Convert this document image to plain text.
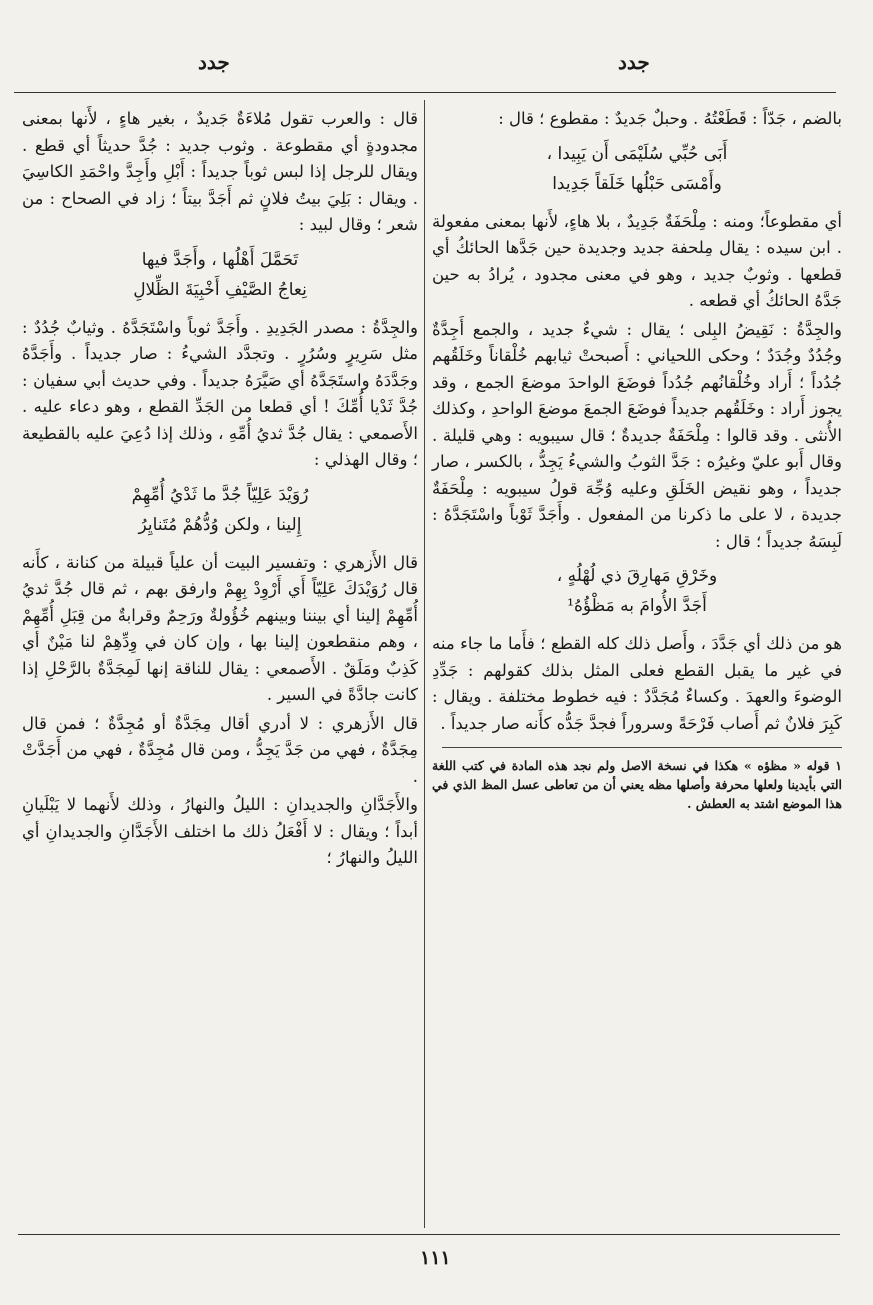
جدد
جدد

بالضم ، جَدّاً : قَطَعْتُهُ . وحبلٌ جَديدٌ : مقطوع ؛ قال :

أَبَى حُبِّي سُلَيْمَى أَن يَبِيدا ،
وأَمْسَى حَبْلُها خَلَقاً جَدِيدا

أي مقطوعاً؛ ومنه : مِلْحَفَةٌ جَدِيدٌ ، بلا هاءٍ، لأَنها بمعنى مفعولة . ابن سيده : يقال مِلحفة جديد وجديدة حين جَدَّها الحائكُ أي قطعها . وثوبٌ جديد ، وهو في معنى مجدود ، يُرادُ به حين جَدَّهُ الحائكُ أي قطعه .

والجِدَّةُ : نَقِيضُ البِلى ؛ يقال : شيءٌ جديد ، والجمع أَجِدَّةٌ وجُدُدٌ وجُدَدٌ ؛ وحكى اللحياني : أَصبحتْ ثيابهم خُلْقاناً وخَلَقُهم جُدُداً ؛ أَراد وخُلْقانُهم جُدُداً فوضَعَ الواحدَ موضعَ الجمع ، وقد يجوز أَراد : وخَلَقُهم جديداً فوضَعَ الجمعَ موضعَ الواحدِ ، وكذلك الأُنثى . وقد قالوا : مِلْحَفَةٌ جديدةٌ ؛ قال سيبويه : وهي قليلة . وقال أَبو عليّ وغيرُه : جَدَّ الثوبُ والشيءُ يَجِدُّ ، بالكسر ، صار جديداً ، وهو نقيض الخَلَقِ وعليه وُجِّهَ قولُ سيبويه : مِلْحَفَةٌ جديدة ، لا على ما ذكرنا من المفعول . وأَجَدَّ ثَوْباً واسْتَجَدَّهُ : لَبِسَهُ جديداً ؛ قال :

وخَرْقِ مَهارِقَ ذي لُهْلُهٍ ،
أَجَدَّ الأُوامَ به مَظْؤُهُ¹

هو من ذلك أي جَدَّدَ ، وأَصل ذلك كله القطع ؛ فأَما ما جاء منه في غير ما يقبل القطع فعلى المثل بذلك كقولهم : جَدِّدِ الوضوءَ والعهدَ . وكساءٌ مُجَدَّدٌ : فيه خطوط مختلفة . ويقال : كَبِرَ فلانٌ ثم أَصاب فَرْحَةً وسروراً فجدَّ جَدُّه كأَنه صار جديداً .

١ قوله « مظؤه » هكذا في نسخة الاصل ولم نجد هذه المادة في كتب اللغة التي بأيدينا ولعلها محرفة وأصلها مظه يعني أن من تعاطى عسل المظ الذي في هذا الموضع اشتد به العطش .

قال : والعرب تقول مُلاءَةٌ جَديدٌ ، بغير هاءٍ ، لأَنها بمعنى مجدودةٍ أي مقطوعة . وثوب جديد : جُدَّ حديثاً أي قطع . ويقال للرجل إذا لبس ثوباً جديداً : أَبْلِ وأَجِدَّ واحْمَدِ الكاسِيَ . ويقال : بَلِيَ بيتُ فلانٍ ثم أَجَدَّ بيتاً ؛ زاد في الصحاح : من شعر ؛ وقال لبيد :

تَحَمَّلَ أَهْلُها ، وأَجَدَّ فيها
نِعاجُ الصَّيْفِ أَخْبِيَةَ الظِّلالِ

والجِدَّةُ : مصدر الجَدِيدِ . وأَجَدَّ ثوباً واسْتَجَدَّهُ . وثيابٌ جُدُدٌ : مثل سَرِيرٍ وسُرُرٍ . وتجدَّد الشيءُ : صار جديداً . وأَجَدَّهُ وجَدَّدَهُ واستَجَدَّهُ أي صَيَّرَهُ جديداً . وفي حديث أبي سفيان : جُدَّ ثَدْيا أُمِّكَ ! أي قطعا من الجَدِّ القطع ، وهو دعاء عليه . الأَصمعي : يقال جُدَّ ثديُ أُمِّهِ ، وذلك إذا دُعِيَ عليه بالقطيعة ؛ وقال الهذلي :

رُوَيْدَ عَلِيّاً جُدَّ ما ثَدْيُ أُمِّهِمْ
إِلينا ، ولكن وُدُّهُمْ مُتَنايِرُ

قال الأَزهري : وتفسير البيت أن علياً قبيلة من كنانة ، كأَنه قال رُوَيْدَكَ عَلِيّاً أَي أَرْوِدْ بِهِمْ وارفق بهم ، ثم قال جُدَّ ثديُ أُمِّهِمْ إلينا أي بيننا وبينهم خُؤُولةٌ ورَحِمٌ وقرابةٌ من قِبَلِ أُمِّهِمْ ، وهم منقطعون إلينا بها ، وإن كان في وِدِّهِمْ لنا مَيْنٌ أي كَذِبٌ ومَلَقٌ . الأَصمعي : يقال للناقة إنها لَمِجَدَّةٌ بالرَّحْلِ إذا كانت جادَّةً في السير .

قال الأَزهري : لا أدري أقال مِجَدَّةٌ أو مُجِدَّةٌ ؛ فمن قال مِجَدَّةٌ ، فهي من جَدَّ يَجِدُّ ، ومن قال مُجِدَّةٌ ، فهي من أَجَدَّتْ .

والأَجَدَّانِ والجديدانِ : الليلُ والنهارُ ، وذلك لأَنهما لا يَبْلَيانِ أبداً ؛ ويقال : لا أَفْعَلُ ذلك ما اختلف الأَجَدَّانِ والجديدانِ أي الليلُ والنهارُ ؛

١١١
